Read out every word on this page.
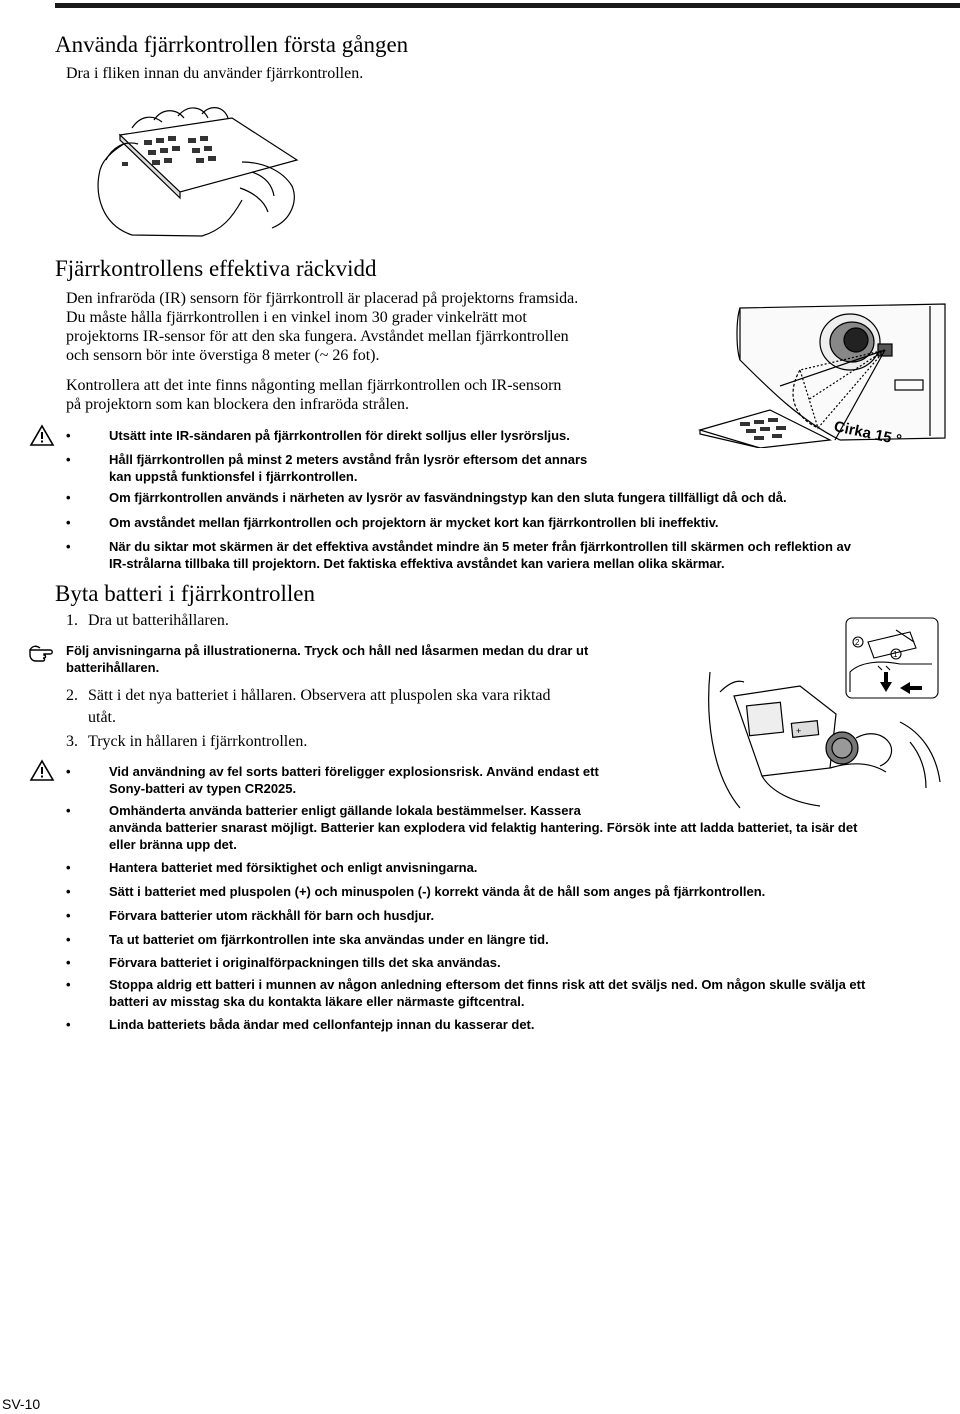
Använda fjärrkontrollen första gången
Dra i fliken innan du använder fjärrkontrollen.
Fjärrkontrollens effektiva räckvidd
Den infraröda (IR) sensorn för fjärrkontroll är placerad på projektorns framsida.
Du måste hålla fjärrkontrollen i en vinkel inom 30 grader vinkelrätt mot
projektorns IR-sensor för att den ska fungera. Avståndet mellan fjärrkontrollen
och sensorn bör inte överstiga 8 meter (~ 26 fot).
Kontrollera att det inte finns någonting mellan fjärrkontrollen och IR-sensorn
på projektorn som kan blockera den infraröda strålen.
Cirka 15 °
•	Utsätt inte IR-sändaren på fjärrkontrollen för direkt solljus eller lysrörsljus.
•	Håll fjärrkontrollen på minst 2 meters avstånd från lysrör eftersom det annars
kan uppstå funktionsfel i fjärrkontrollen.
•	Om fjärrkontrollen används i närheten av lysrör av fasvändningstyp kan den sluta fungera tillfälligt då och då.
•	Om avståndet mellan fjärrkontrollen och projektorn är mycket kort kan fjärrkontrollen bli ineffektiv.
•	När du siktar mot skärmen är det effektiva avståndet mindre än 5 meter från fjärrkontrollen till skärmen och reflektion av
IR-strålarna tillbaka till projektorn. Det faktiska effektiva avståndet kan variera mellan olika skärmar.
Byta batteri i fjärrkontrollen
1. Dra ut batterihållaren.
Följ anvisningarna på illustrationerna. Tryck och håll ned låsarmen medan du drar ut
batterihållaren.
2. Sätt i det nya batteriet i hållaren. Observera att pluspolen ska vara riktad
utåt.
3. Tryck in hållaren i fjärrkontrollen.
2
1
+
•	Vid användning av fel sorts batteri föreligger explosionsrisk. Använd endast ett
Sony-batteri av typen CR2025.
•	Omhänderta använda batterier enligt gällande lokala bestämmelser. Kassera
använda batterier snarast möjligt. Batterier kan explodera vid felaktig hantering. Försök inte att ladda batteriet, ta isär det
eller bränna upp det.
•	Hantera batteriet med försiktighet och enligt anvisningarna.
•	Sätt i batteriet med pluspolen (+) och minuspolen (-) korrekt vända åt de håll som anges på fjärrkontrollen.
•	Förvara batterier utom räckhåll för barn och husdjur.
•	Ta ut batteriet om fjärrkontrollen inte ska användas under en längre tid.
•	Förvara batteriet i originalförpackningen tills det ska användas.
•	Stoppa aldrig ett batteri i munnen av någon anledning eftersom det finns risk att det sväljs ned. Om någon skulle svälja ett
batteri av misstag ska du kontakta läkare eller närmaste giftcentral.
•	Linda batteriets båda ändar med cellonfantejp innan du kasserar det.
SV-10
